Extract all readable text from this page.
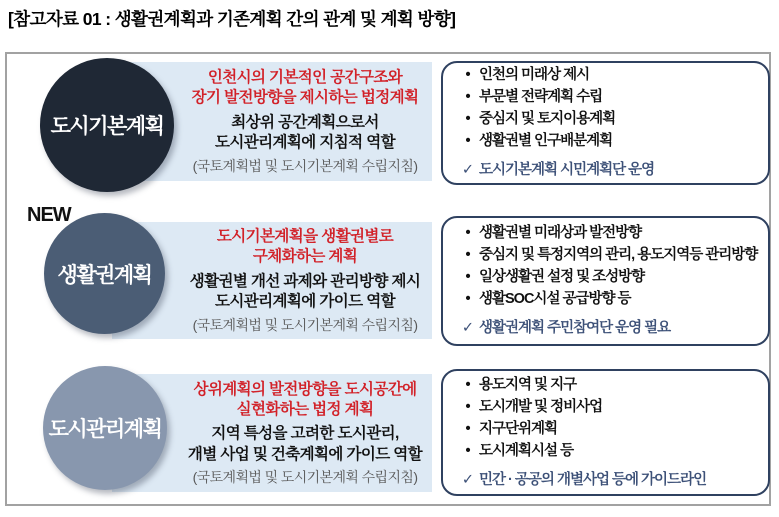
[참고자료 01 : 생활권계획과 기존계획 간의 관계 및 계획 방향]
인천시의 기본적인 공간구조와
장기 발전방향을 제시하는 법정계획
최상위 공간계획으로서
도시관리계획에 지침적 역할
(국토계획법 및 도시기본계획 수립지침)
도시기본계획
• 인천의 미래상 제시
• 부문별 전략계획 수립
• 중심지 및 토지이용계획
• 생활권별 인구배분계획
✓ 도시기본계획 시민계획단 운영
NEW
도시기본계획을 생활권별로
구체화하는 계획
생활권별 개선 과제와 관리방향 제시
도시관리계획에 가이드 역할
(국토계획법 및 도시기본계획 수립지침)
생활권계획
• 생활권별 미래상과 발전방향
• 중심지 및 특정지역의 관리, 용도지역등 관리방향
• 일상생활권 설정 및 조성방향
• 생활SOC시설 공급방향 등
✓ 생활권계획 주민참여단 운영 필요
상위계획의 발전방향을 도시공간에
실현화하는 법정 계획
지역 특성을 고려한 도시관리,
개별 사업 및 건축계획에 가이드 역할
(국토계획법 및 도시기본계획 수립지침)
도시관리계획
• 용도지역 및 지구
• 도시개발 및 정비사업
• 지구단위계획
• 도시계획시설 등
✓ 민간 · 공공의 개별사업 등에 가이드라인
